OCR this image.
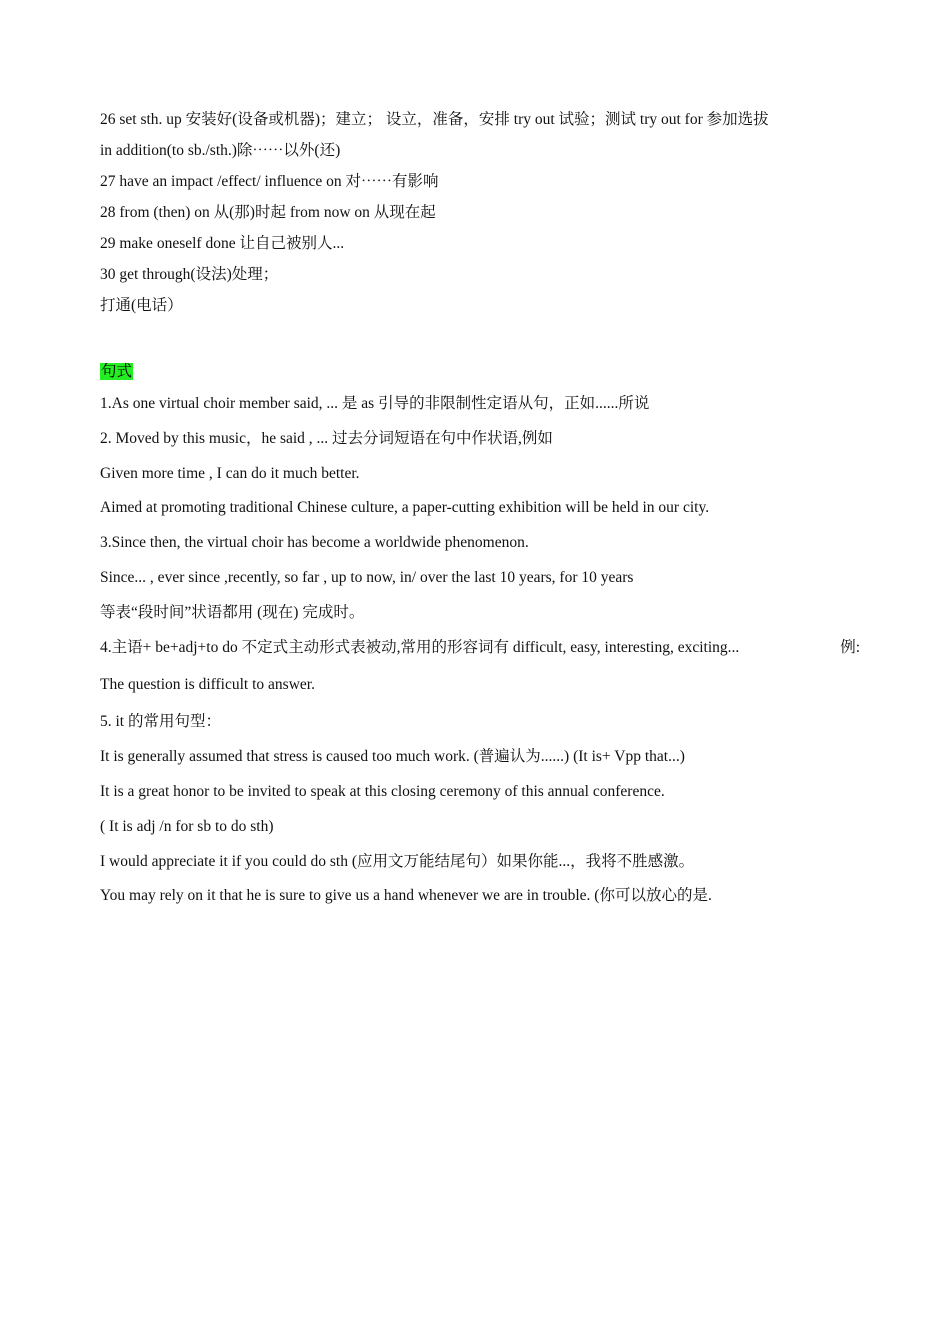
26 set sth. up 安装好(设备或机器)；建立； 设立，准备，安排 try out 试验；测试 try out for 参加选拔

in addition(to sb./sth.)除⋯⋯以外(还)

27 have an impact /effect/ influence on 对⋯⋯有影响

28 from (then) on 从(那)时起 from now on 从现在起

29 make oneself done 让自己被别人...

30 get through(设法)处理；

打通(电话）

句式

1.As one virtual choir member said, ... 是 as 引导的非限制性定语从句，正如......所说

2. Moved by this music，he said , ... 过去分词短语在句中作状语,例如

Given more time , I can do it much better.

Aimed at promoting traditional Chinese culture, a paper-cutting exhibition will be held in our city.

3.Since then, the virtual choir has become a worldwide phenomenon.

Since... , ever since ,recently, so far , up to now, in/ over the last 10 years, for 10 years

等表“段时间”状语都用 (现在) 完成时。

4.主语+ be+adj+to do 不定式主动形式表被动,常用的形容词有 difficult, easy, interesting, exciting...	例:

The question is difficult to answer.

5. it 的常用句型：

It is generally assumed that stress is caused too much work. (普遍认为......) (It is+ Vpp that...)

It is a great honor to be invited to speak at this closing ceremony of this annual conference.

( It is adj /n for sb to do sth)

I would appreciate it if you could do sth (应用文万能结尾句）如果你能...，我将不胜感激。

You may rely on it that he is sure to give us a hand whenever we are in trouble. (你可以放心的是.
